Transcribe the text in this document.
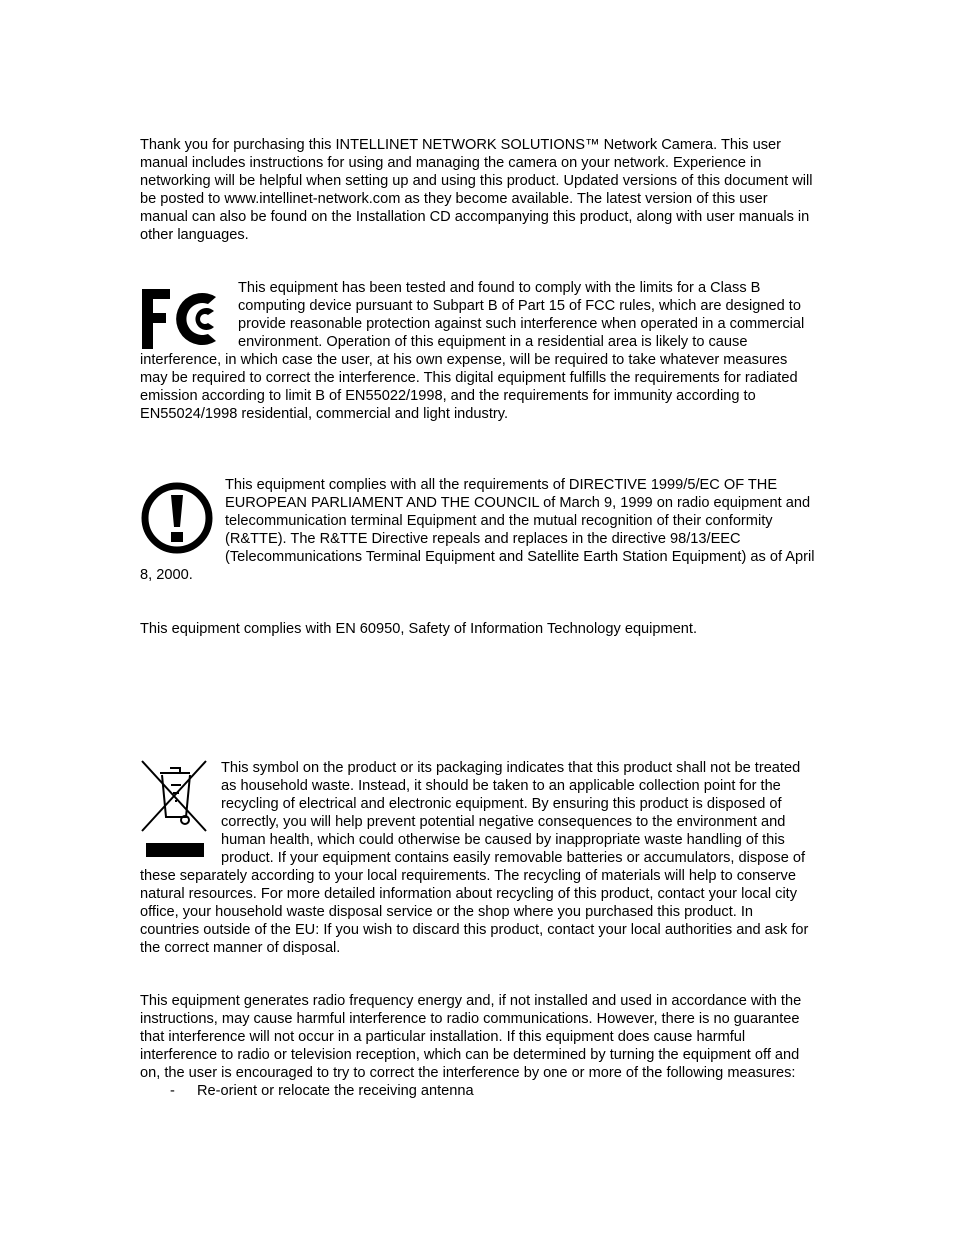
Thank you for purchasing this INTELLINET NETWORK SOLUTIONS™ Network Camera. This user manual includes instructions for using and managing the camera on your network. Experience in networking will be helpful when setting up and using this product. Updated versions of this document will be posted to www.intellinet-network.com as they become available. The latest version of this user manual can also be found on the Installation CD accompanying this product, along with user manuals in other languages.

FCC	This equipment has been tested and found to comply with the limits for a Class B computing device pursuant to Subpart B of Part 15 of FCC rules, which are designed to provide reasonable protection against such interference when operated in a commercial environment. Operation of this equipment in a residential area is likely to cause interference, in which case the user, at his own expense, will be required to take whatever measures may be required to correct the interference. This digital equipment fulfills the requirements for radiated emission according to limit B of EN55022/1998, and the requirements for immunity according to EN55024/1998 residential, commercial and light industry.

This equipment complies with all the requirements of DIRECTIVE 1999/5/EC OF THE EUROPEAN PARLIAMENT AND THE COUNCIL of March 9, 1999 on radio equipment and telecommunication terminal Equipment and the mutual recognition of their conformity (R&TTE). The R&TTE Directive repeals and replaces in the directive 98/13/EEC (Telecommunications Terminal Equipment and Satellite Earth Station Equipment) as of April 8, 2000.

This equipment complies with EN 60950, Safety of Information Technology equipment.

This symbol on the product or its packaging indicates that this product shall not be treated as household waste. Instead, it should be taken to an applicable collection point for the recycling of electrical and electronic equipment. By ensuring this product is disposed of correctly, you will help prevent potential negative consequences to the environment and human health, which could otherwise be caused by inappropriate waste handling of this product. If your equipment contains easily removable batteries or accumulators, dispose of these separately according to your local requirements. The recycling of materials will help to conserve natural resources. For more detailed information about recycling of this product, contact your local city office, your household waste disposal service or the shop where you purchased this product. In countries outside of the EU: If you wish to discard this product, contact your local authorities and ask for the correct manner of disposal.

This equipment generates radio frequency energy and, if not installed and used in accordance with the instructions, may cause harmful interference to radio communications. However, there is no guarantee that interference will not occur in a particular installation. If this equipment does cause harmful interference to radio or television reception, which can be determined by turning the equipment off and on, the user is encouraged to try to correct the interference by one or more of the following measures:

- Re-orient or relocate the receiving antenna
